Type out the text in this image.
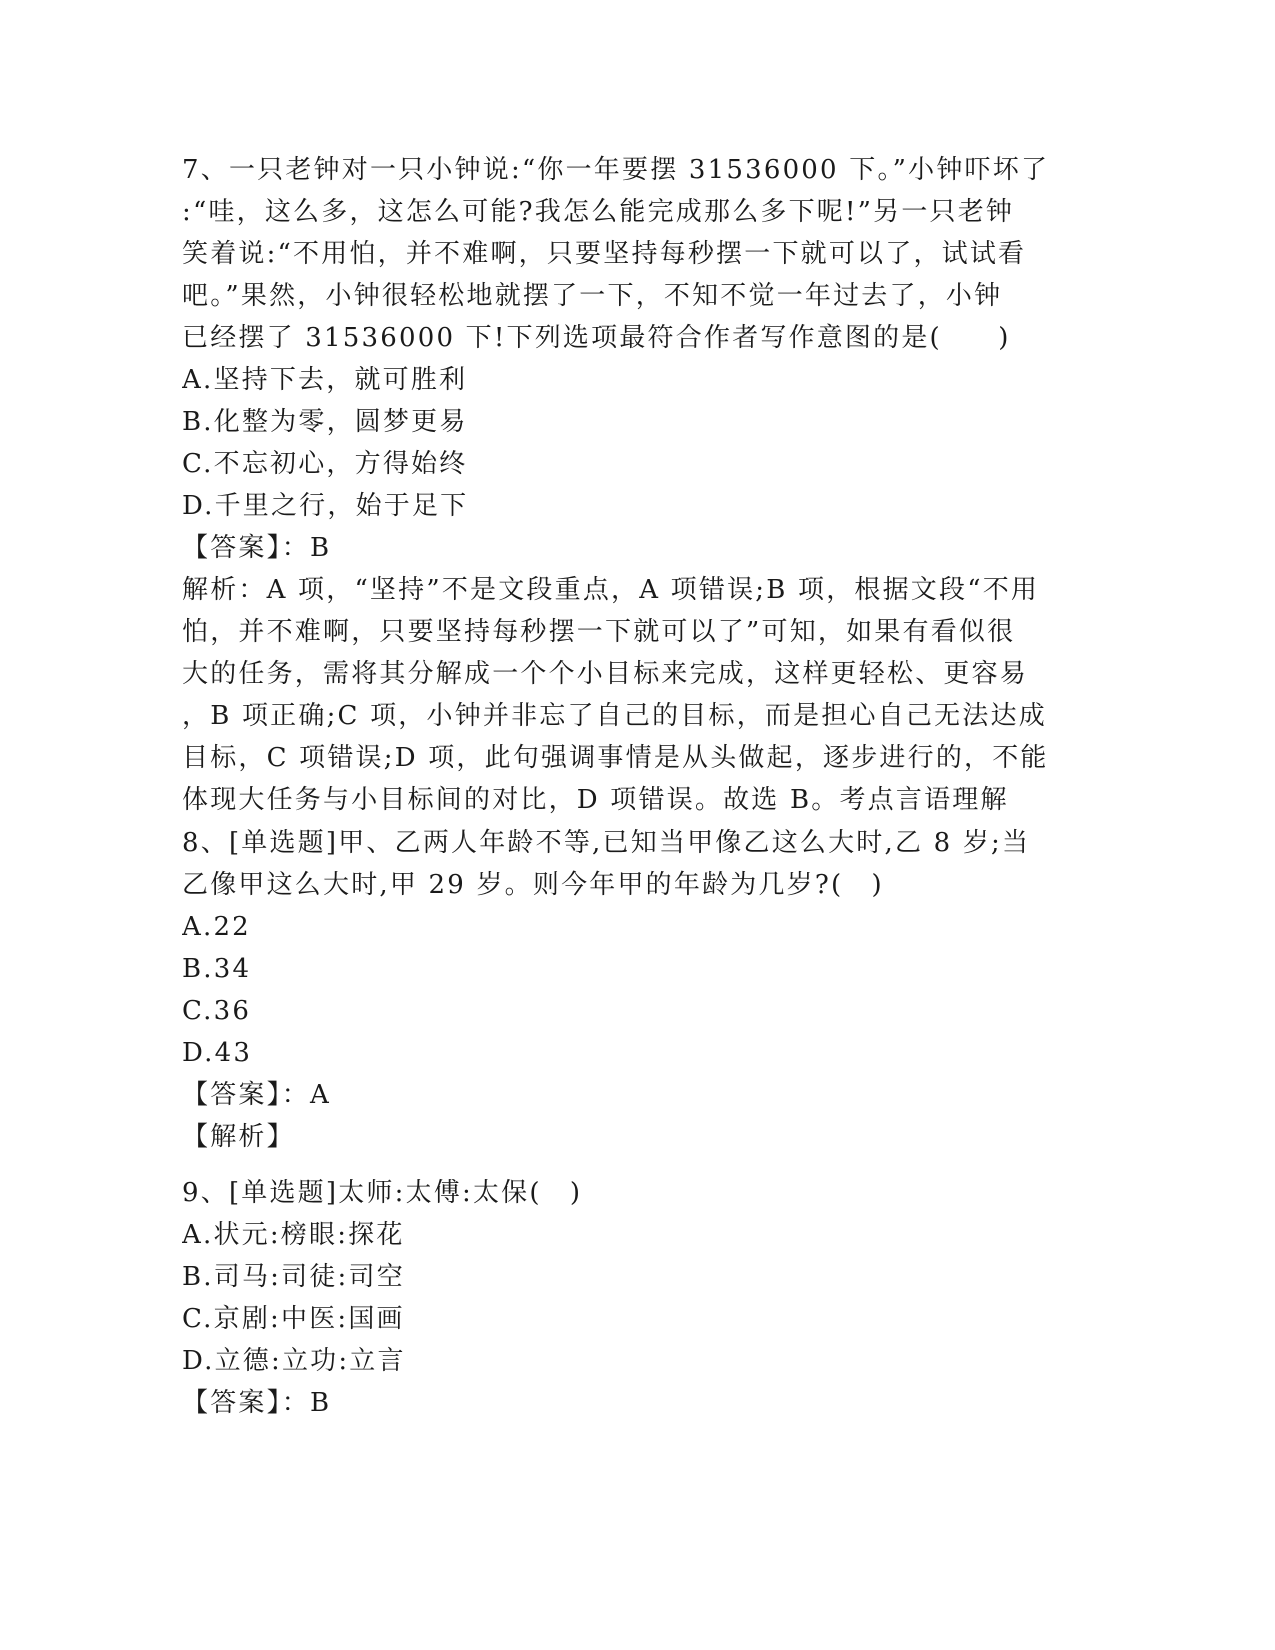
7、一只老钟对一只小钟说:“你一年要摆 31536000 下。”小钟吓坏了
:“哇，这么多，这怎么可能?我怎么能完成那么多下呢!”另一只老钟
笑着说:“不用怕，并不难啊，只要坚持每秒摆一下就可以了，试试看
吧。”果然，小钟很轻松地就摆了一下，不知不觉一年过去了，小钟
已经摆了 31536000 下!下列选项最符合作者写作意图的是(　　)
A.坚持下去，就可胜利
B.化整为零，圆梦更易
C.不忘初心，方得始终
D.千里之行，始于足下
【答案】：B
解析：A 项，“坚持”不是文段重点，A 项错误;B 项，根据文段“不用
怕，并不难啊，只要坚持每秒摆一下就可以了”可知，如果有看似很
大的任务，需将其分解成一个个小目标来完成，这样更轻松、更容易
，B 项正确;C 项，小钟并非忘了自己的目标，而是担心自己无法达成
目标，C 项错误;D 项，此句强调事情是从头做起，逐步进行的，不能
体现大任务与小目标间的对比，D 项错误。故选 B。考点言语理解
8、[单选题]甲、乙两人年龄不等,已知当甲像乙这么大时,乙 8 岁;当
乙像甲这么大时,甲 29 岁。则今年甲的年龄为几岁?(　)
A.22
B.34
C.36
D.43
【答案】：A
【解析】
9、[单选题]太师:太傅:太保(　)
A.状元:榜眼:探花
B.司马:司徒:司空
C.京剧:中医:国画
D.立德:立功:立言
【答案】：B
